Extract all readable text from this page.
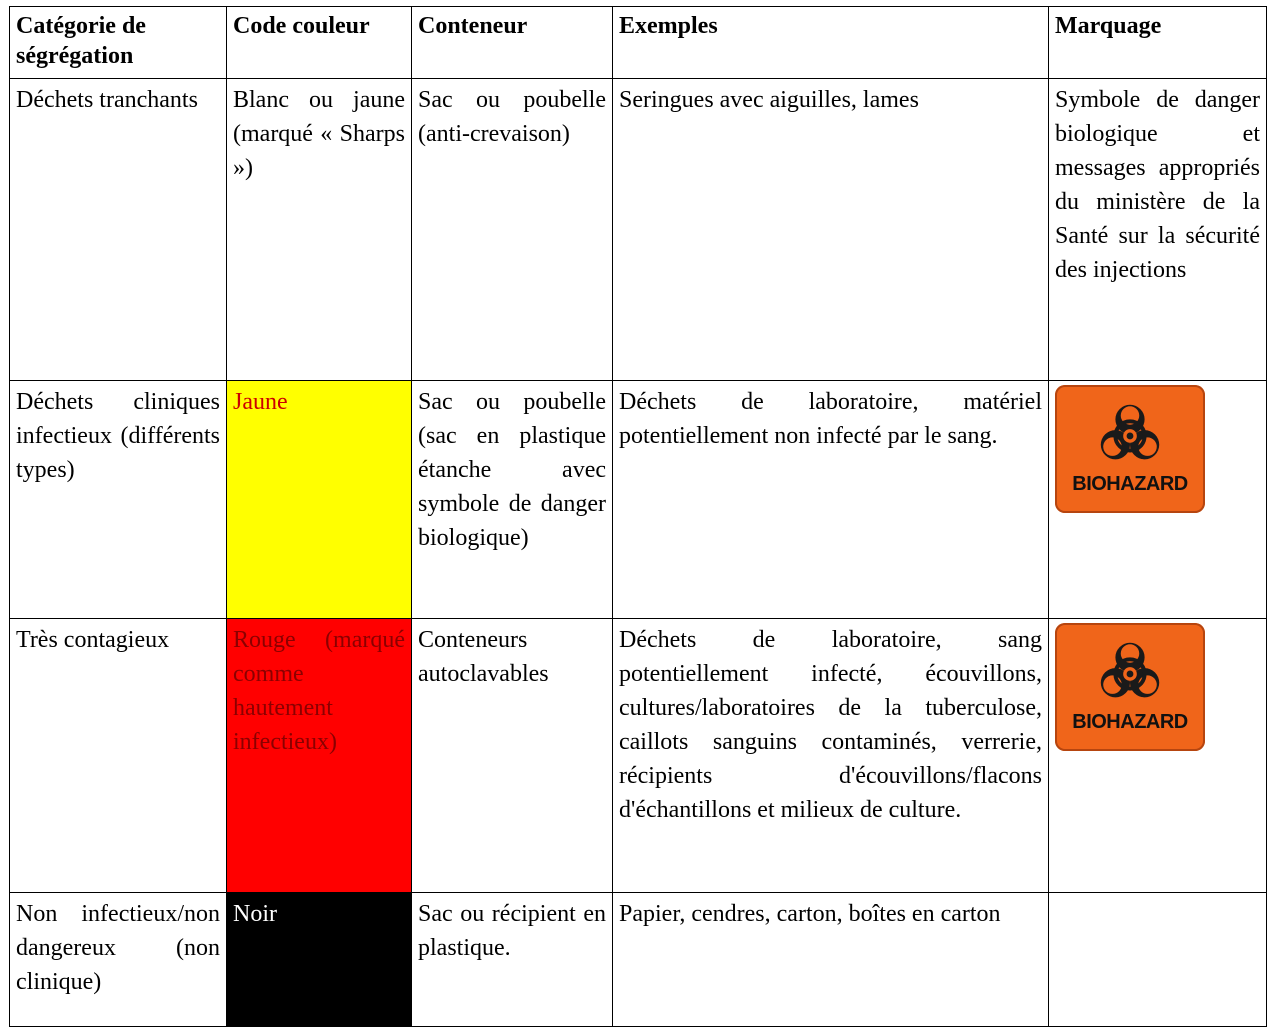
Catégorie de ségrégation	Code couleur	Conteneur	Exemples	Marquage
Déchets tranchants	Blanc ou jaune (marqué « Sharps »)	Sac ou poubelle (anti-crevaison)	Seringues avec aiguilles, lames	Symbole de danger biologique et messages appropriés du ministère de la Santé sur la sécurité des injections
Déchets cliniques infectieux (différents types)	Jaune	Sac ou poubelle (sac en plastique étanche avec symbole de danger biologique)	Déchets de laboratoire, matériel potentiellement non infecté par le sang.	BIOHAZARD

Très contagieux	Rouge (marqué comme hautement infectieux)	Conteneurs autoclavables	Déchets de laboratoire, sang potentiellement infecté, écouvillons, cultures/laboratoires de la tuberculose, caillots sanguins contaminés, verrerie, récipients d'écouvillons/flacons d'échantillons et milieux de culture.	BIOHAZARD

Non infectieux/non dangereux (non clinique)	Noir	Sac ou récipient en plastique.	Papier, cendres, carton, boîtes en carton	
